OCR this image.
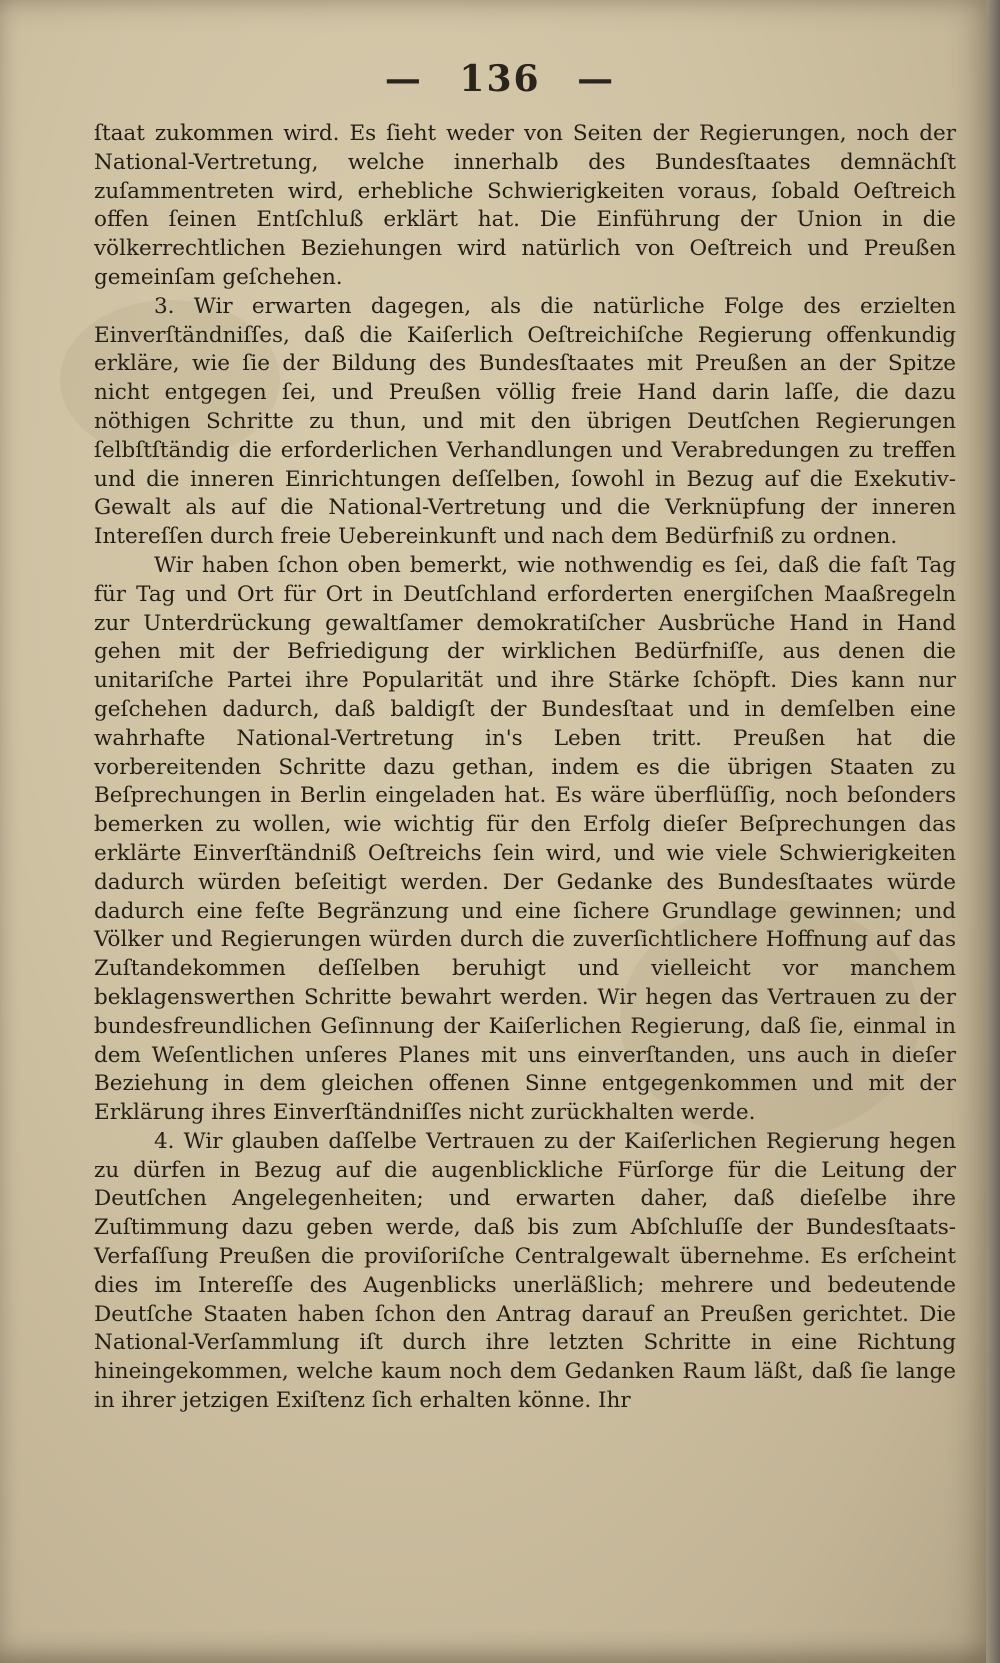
— 136 —

ſtaat zukommen wird. Es ſieht weder von Seiten der Regierungen, noch der National-Vertretung, welche innerhalb des Bundesſtaates demnächſt zuſammentreten wird, erhebliche Schwierigkeiten voraus, ſobald Oeſtreich offen ſeinen Entſchluß erklärt hat. Die Einführung der Union in die völkerrechtlichen Beziehungen wird natürlich von Oeſtreich und Preußen gemeinſam geſchehen.

3. Wir erwarten dagegen, als die natürliche Folge des erzielten Einverſtändniſſes, daß die Kaiſerlich Oeſtreichiſche Regierung offenkundig erkläre, wie ſie der Bildung des Bundesſtaates mit Preußen an der Spitze nicht entgegen ſei, und Preußen völlig freie Hand darin laſſe, die dazu nöthigen Schritte zu thun, und mit den übrigen Deutſchen Regierungen ſelbſtſtändig die erforderlichen Verhandlungen und Verabredungen zu treffen und die inneren Einrichtungen deſſelben, ſowohl in Bezug auf die Exekutiv-Gewalt als auf die National-Vertretung und die Verknüpfung der inneren Intereſſen durch freie Uebereinkunft und nach dem Bedürfniß zu ordnen.

Wir haben ſchon oben bemerkt, wie nothwendig es ſei, daß die faſt Tag für Tag und Ort für Ort in Deutſchland erforderten energiſchen Maaßregeln zur Unterdrückung gewaltſamer demokratiſcher Ausbrüche Hand in Hand gehen mit der Befriedigung der wirklichen Bedürfniſſe, aus denen die unitariſche Partei ihre Popularität und ihre Stärke ſchöpft. Dies kann nur geſchehen dadurch, daß baldigſt der Bundesſtaat und in demſelben eine wahrhafte National-Vertretung in's Leben tritt. Preußen hat die vorbereitenden Schritte dazu gethan, indem es die übrigen Staaten zu Beſprechungen in Berlin eingeladen hat. Es wäre überflüſſig, noch beſonders bemerken zu wollen, wie wichtig für den Erfolg dieſer Beſprechungen das erklärte Einverſtändniß Oeſtreichs ſein wird, und wie viele Schwierigkeiten dadurch würden beſeitigt werden. Der Gedanke des Bundesſtaates würde dadurch eine feſte Begränzung und eine ſichere Grundlage gewinnen; und Völker und Regierungen würden durch die zuverſichtlichere Hoffnung auf das Zuſtandekommen deſſelben beruhigt und vielleicht vor manchem beklagenswerthen Schritte bewahrt werden. Wir hegen das Vertrauen zu der bundesfreundlichen Geſinnung der Kaiſerlichen Regierung, daß ſie, einmal in dem Weſentlichen unſeres Planes mit uns einverſtanden, uns auch in dieſer Beziehung in dem gleichen offenen Sinne entgegenkommen und mit der Erklärung ihres Einverſtändniſſes nicht zurückhalten werde.

4. Wir glauben daſſelbe Vertrauen zu der Kaiſerlichen Regierung hegen zu dürfen in Bezug auf die augenblickliche Fürſorge für die Leitung der Deutſchen Angelegenheiten; und erwarten daher, daß dieſelbe ihre Zuſtimmung dazu geben werde, daß bis zum Abſchluſſe der Bundesſtaats-Verfaſſung Preußen die proviſoriſche Centralgewalt übernehme. Es erſcheint dies im Intereſſe des Augenblicks unerläßlich; mehrere und bedeutende Deutſche Staaten haben ſchon den Antrag darauf an Preußen gerichtet. Die National-Verſammlung iſt durch ihre letzten Schritte in eine Richtung hineingekommen, welche kaum noch dem Gedanken Raum läßt, daß ſie lange in ihrer jetzigen Exiſtenz ſich erhalten könne. Ihr
